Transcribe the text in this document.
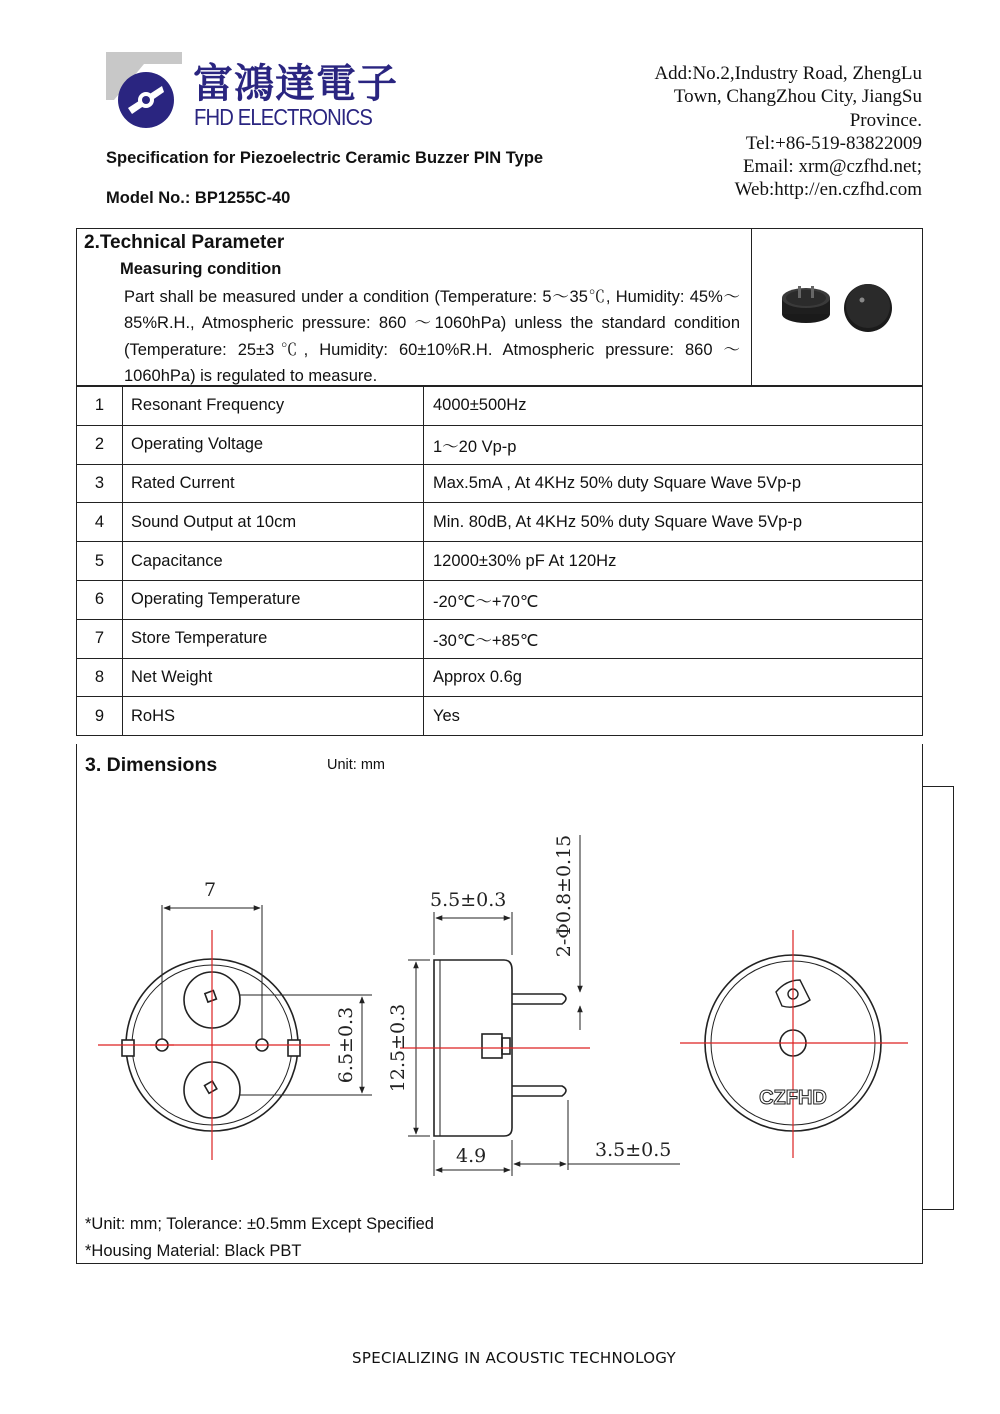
富鴻達電子
FHD ELECTRONICS
Specification for Piezoelectric Ceramic Buzzer PIN Type
Model No.: BP1255C-40
Add:No.2,Industry Road, ZhengLu
Town, ChangZhou City, JiangSu
Province.
Tel:+86-519-83822009
Email: xrm@czfhd.net;
Web:http://en.czfhd.com
2.Technical Parameter
Measuring condition
Part shall be measured under a condition (Temperature: 5～35℃, Humidity: 45%～85%R.H., Atmospheric pressure: 860 ～1060hPa) unless the standard condition (Temperature: 25±3℃, Humidity: 60±10%R.H. Atmospheric pressure: 860 ～1060hPa) is regulated to measure.
1	Resonant Frequency	4000±500Hz
2	Operating Voltage	1～20 Vp-p
3	Rated Current	Max.5mA , At 4KHz 50% duty Square Wave 5Vp-p
4	Sound Output at 10cm	Min. 80dB, At 4KHz 50% duty Square Wave 5Vp-p
5	Capacitance	12000±30% pF At 120Hz
6	Operating Temperature	-20℃～+70℃
7	Store Temperature	-30℃～+85℃
8	Net Weight	Approx 0.6g
9	RoHS	Yes
3. Dimensions	Unit: mm
7
6.5±0.3
5.5±0.3
12.5±0.3
2-Φ0.8±0.15
4.9	3.5±0.5
CZFHD
*Unit: mm; Tolerance: ±0.5mm Except Specified
*Housing Material: Black PBT
SPECIALIZING IN ACOUSTIC TECHNOLOGY
